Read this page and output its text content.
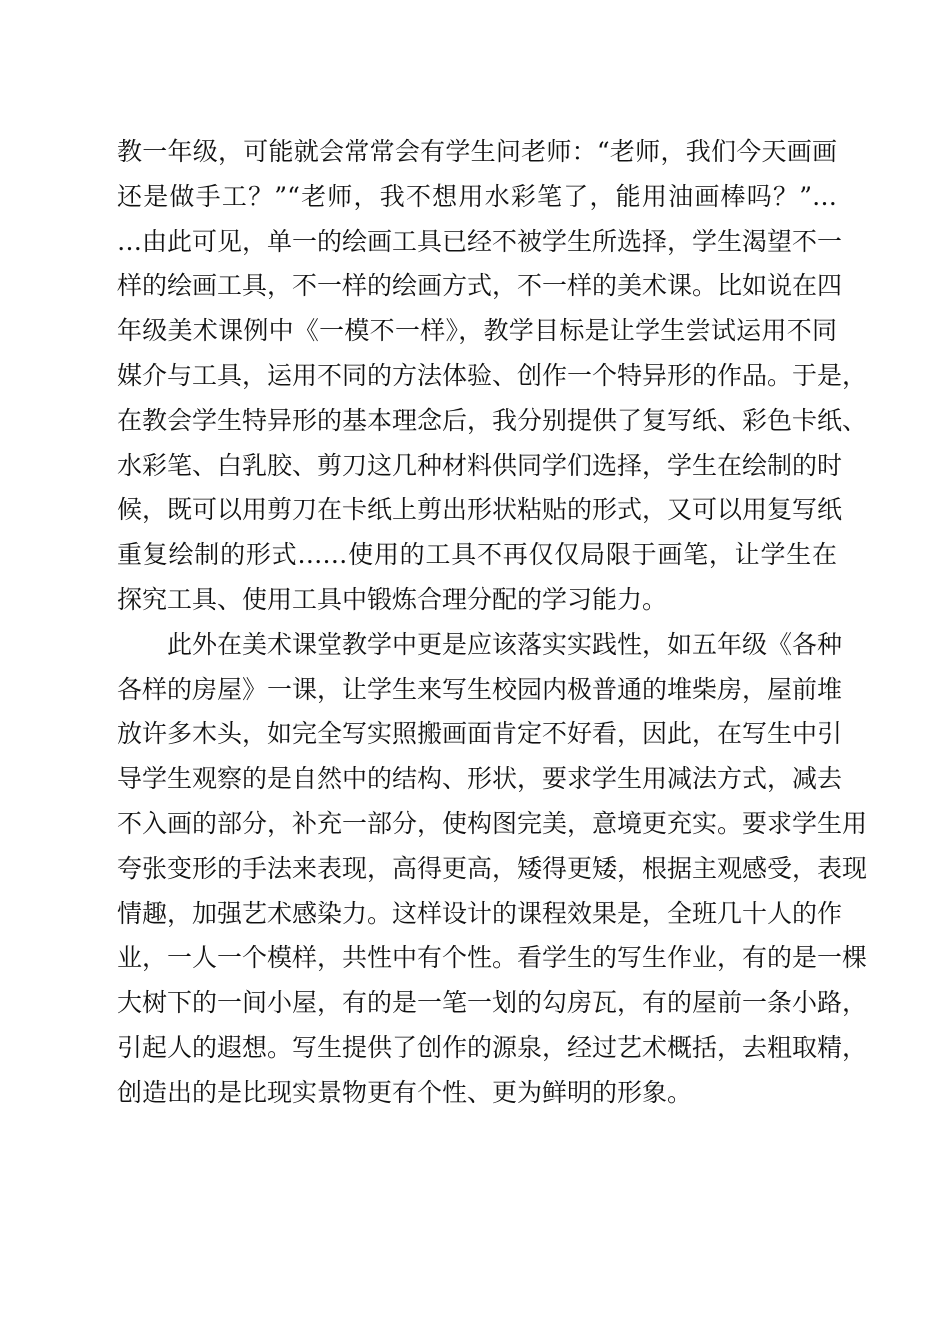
教一年级，可能就会常常会有学生问老师：“老师，我们今天画画
还是做手工？”“老师，我不想用水彩笔了，能用油画棒吗？”…
…由此可见，单一的绘画工具已经不被学生所选择，学生渴望不一
样的绘画工具，不一样的绘画方式，不一样的美术课。比如说在四
年级美术课例中《一模不一样》，教学目标是让学生尝试运用不同
媒介与工具，运用不同的方法体验、创作一个特异形的作品。于是，
在教会学生特异形的基本理念后，我分别提供了复写纸、彩色卡纸、
水彩笔、白乳胶、剪刀这几种材料供同学们选择，学生在绘制的时
候，既可以用剪刀在卡纸上剪出形状粘贴的形式，又可以用复写纸
重复绘制的形式……使用的工具不再仅仅局限于画笔，让学生在
探究工具、使用工具中锻炼合理分配的学习能力。
此外在美术课堂教学中更是应该落实实践性，如五年级《各种
各样的房屋》一课，让学生来写生校园内极普通的堆柴房，屋前堆
放许多木头，如完全写实照搬画面肯定不好看，因此，在写生中引
导学生观察的是自然中的结构、形状，要求学生用减法方式，减去
不入画的部分，补充一部分，使构图完美，意境更充实。要求学生用
夸张变形的手法来表现，高得更高，矮得更矮，根据主观感受，表现
情趣，加强艺术感染力。这样设计的课程效果是，全班几十人的作
业，一人一个模样，共性中有个性。看学生的写生作业，有的是一棵
大树下的一间小屋，有的是一笔一划的勾房瓦，有的屋前一条小路，
引起人的遐想。写生提供了创作的源泉，经过艺术概括，去粗取精，
创造出的是比现实景物更有个性、更为鲜明的形象。
